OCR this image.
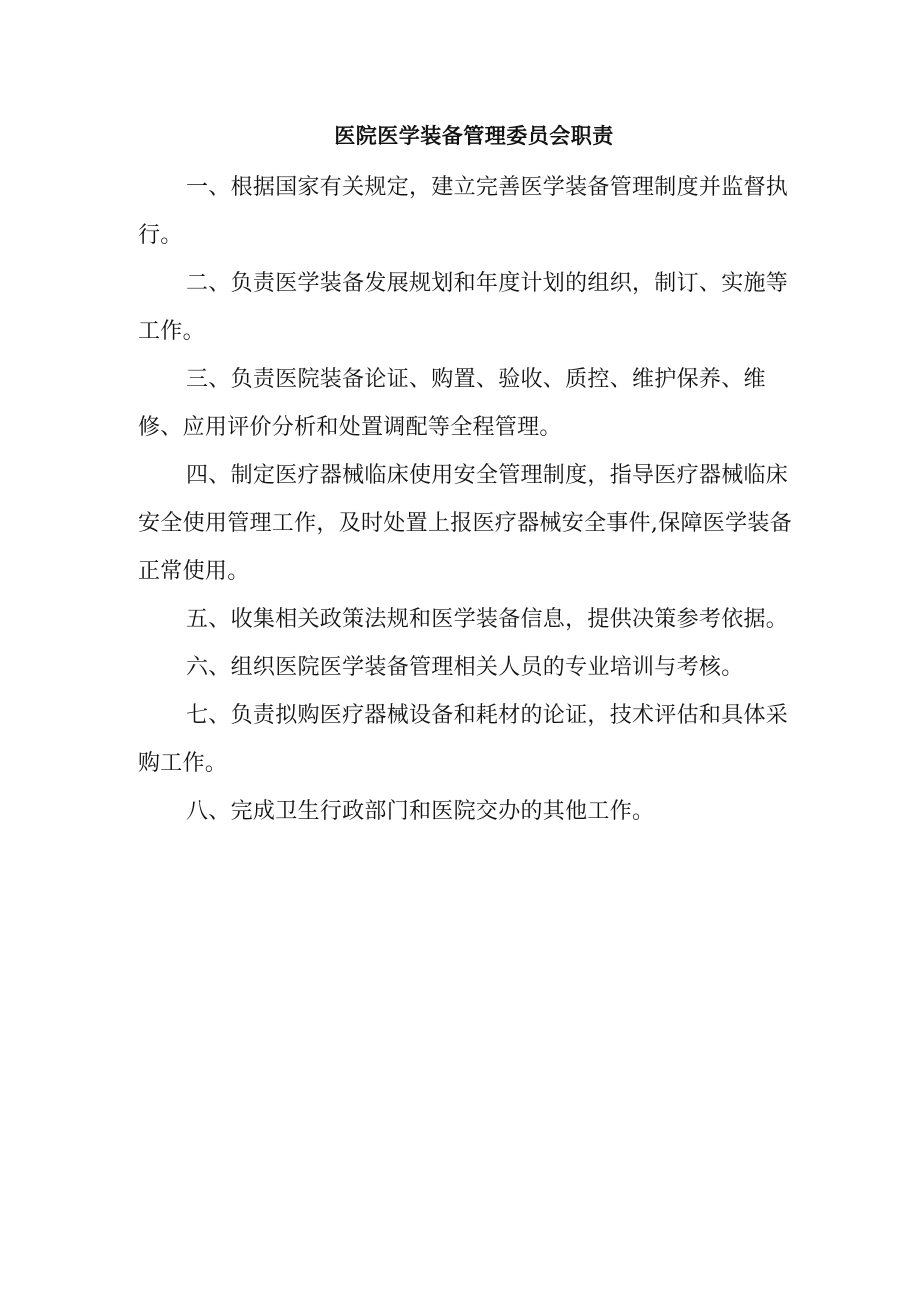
医院医学装备管理委员会职责

一、根据国家有关规定，建立完善医学装备管理制度并监督执行。

二、负责医学装备发展规划和年度计划的组织，制订、实施等工作。

三、负责医院装备论证、购置、验收、质控、维护保养、维修、应用评价分析和处置调配等全程管理。

四、制定医疗器械临床使用安全管理制度，指导医疗器械临床安全使用管理工作，及时处置上报医疗器械安全事件,保障医学装备正常使用。

五、收集相关政策法规和医学装备信息，提供决策参考依据。

六、组织医院医学装备管理相关人员的专业培训与考核。

七、负责拟购医疗器械设备和耗材的论证，技术评估和具体采购工作。

八、完成卫生行政部门和医院交办的其他工作。
